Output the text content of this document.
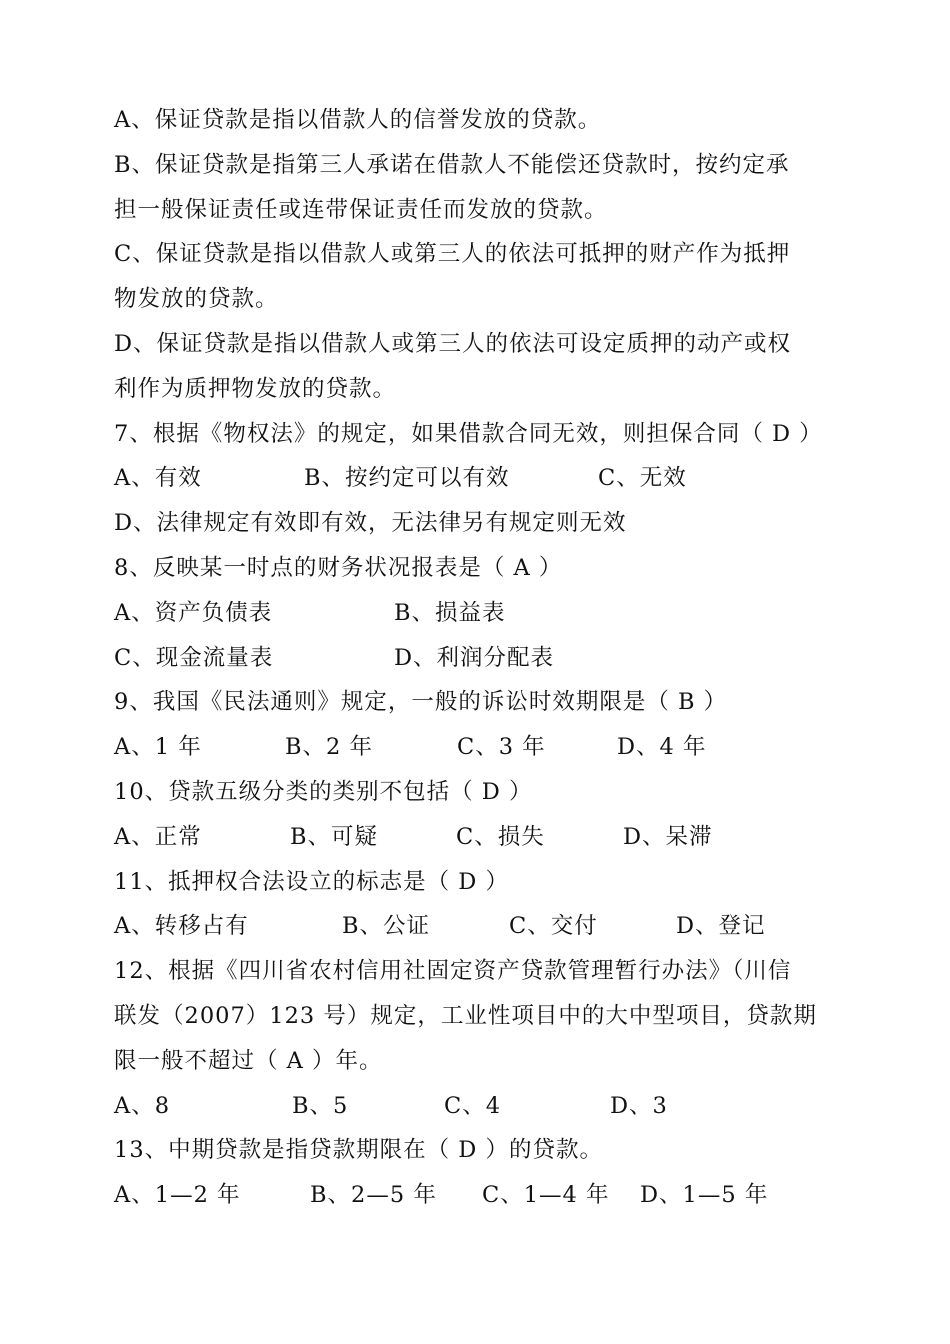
A、保证贷款是指以借款人的信誉发放的贷款。
B、保证贷款是指第三人承诺在借款人不能偿还贷款时，按约定承
担一般保证责任或连带保证责任而发放的贷款。
C、保证贷款是指以借款人或第三人的依法可抵押的财产作为抵押
物发放的贷款。
D、保证贷款是指以借款人或第三人的依法可设定质押的动产或权
利作为质押物发放的贷款。
7、根据《物权法》的规定，如果借款合同无效，则担保合同（ D ）
A、有效	B、按约定可以有效	C、无效
D、法律规定有效即有效，无法律另有规定则无效
8、反映某一时点的财务状况报表是（ A ）
A、资产负债表	B、损益表
C、现金流量表	D、利润分配表
9、我国《民法通则》规定，一般的诉讼时效期限是（ B ）
A、1 年	B、2 年	C、3 年	D、4 年
10、贷款五级分类的类别不包括（ D ）
A、正常	B、可疑	C、损失	D、呆滞
11、抵押权合法设立的标志是（ D ）
A、转移占有	B、公证	C、交付	D、登记
12、根据《四川省农村信用社固定资产贷款管理暂行办法》（川信
联发（2007）123 号）规定，工业性项目中的大中型项目，贷款期
限一般不超过（ A ）年。
A、8	B、5	C、4	D、3
13、中期贷款是指贷款期限在（ D ）的贷款。
A、1—2 年	B、2—5 年 C、1—4 年 D、1—5 年
